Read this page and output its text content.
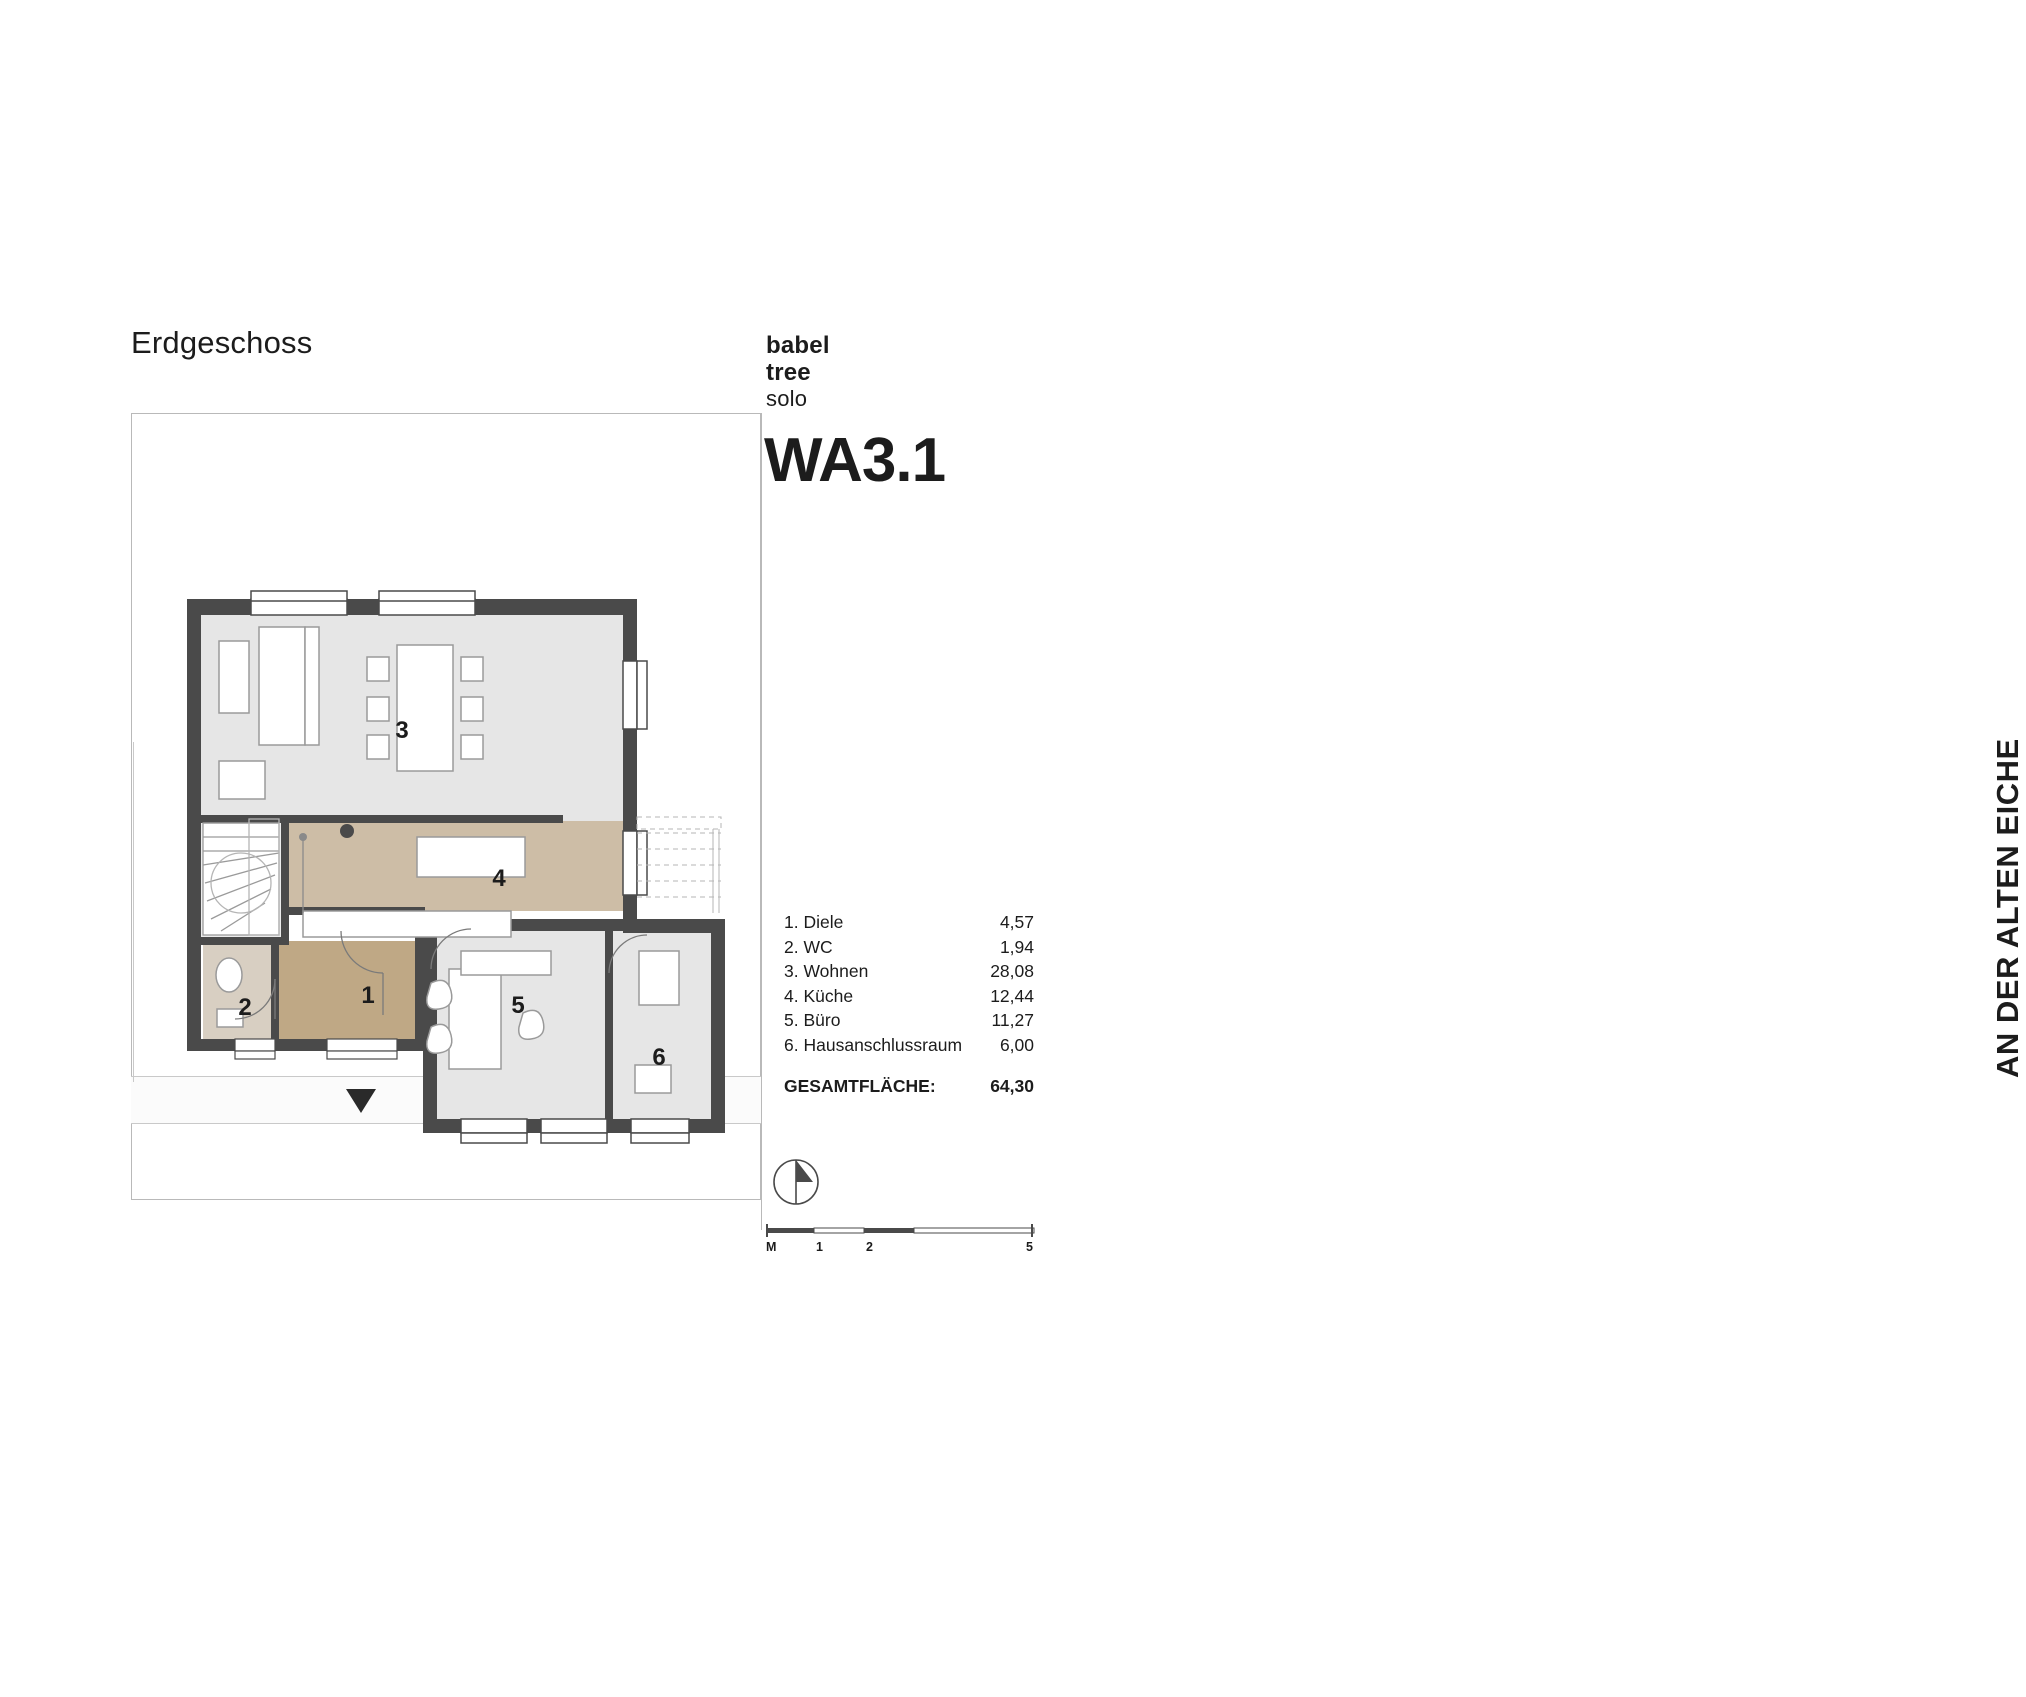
Erdgeschoss	babel
tree
solo
WA3.1
AN DER ALTEN EICHE
3
4
1
2	5
6
1. Diele	4,57
2. WC	1,94
3. Wohnen	28,08
4. Küche	12,44
5. Büro	11,27
6. Hausanschlussraum 6,00
GESAMTFLÄCHE:	64,30
M	1	2	5
